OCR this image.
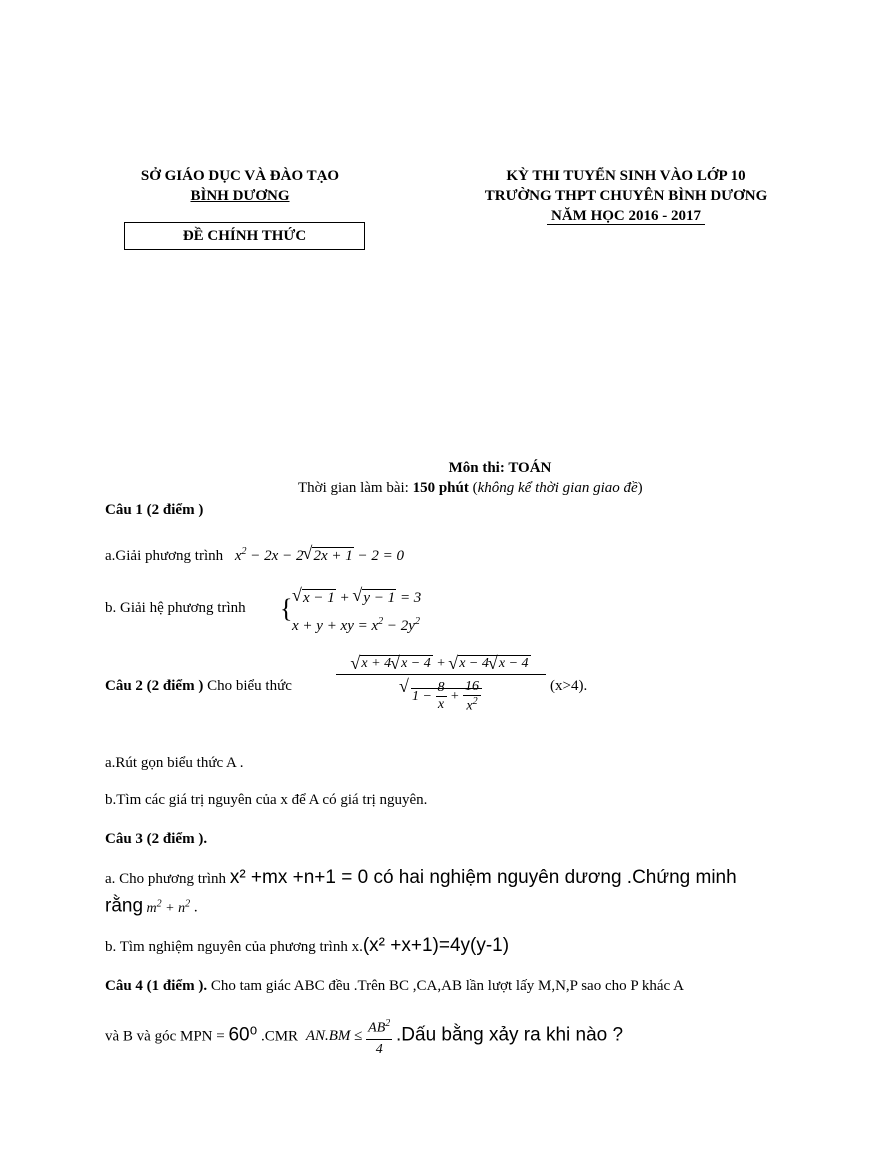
SỞ GIÁO DỤC VÀ ĐÀO TẠO
BÌNH DƯƠNG
ĐỀ CHÍNH THỨC
KỲ THI TUYỂN SINH VÀO LỚP 10
TRƯỜNG THPT CHUYÊN BÌNH DƯƠNG
NĂM HỌC 2016 - 2017
Môn thi: TOÁN
Thời gian làm bài: 150 phút (không kể thời gian giao đề)
Câu 1 (2 điểm )
a.Giải phương trình $x^2 - 2x - 2√$ 2x + 1 − 2 = 0
b. Giải hệ phương trình {
√ x − 1 + √ y − 1 = 3
x + y + xy = $x^2 - 2y^2$
Câu 2 (2 điểm ) Cho biểu thức
√ x + 4√ x − 4 + √ x − 4√ x − 4
√ $1 - \frac{8}{x} + \frac{16}{x^2}$	(x>4).
a.Rút gọn biểu thức A .
b.Tìm các giá trị nguyên của x để A có giá trị nguyên.
Câu 3 (2 điểm ).
a. Cho phương trình x² +mx +n+1 = 0 có hai nghiệm nguyên dương .Chứng minh
rằng $m^2 + n^2$ .
b. Tìm nghiệm nguyên của phương trình x.(x² +x+1)=4y(y-1)
Câu 4 (1 điểm ). Cho tam giác ABC đều .Trên BC ,CA,AB lần lượt lấy M,N,P sao cho P khác A
và B và góc MPN = 60⁰ .CMR $AN.BM \le \frac{AB^2}{4}$ .Dấu bằng xảy ra khi nào ?
